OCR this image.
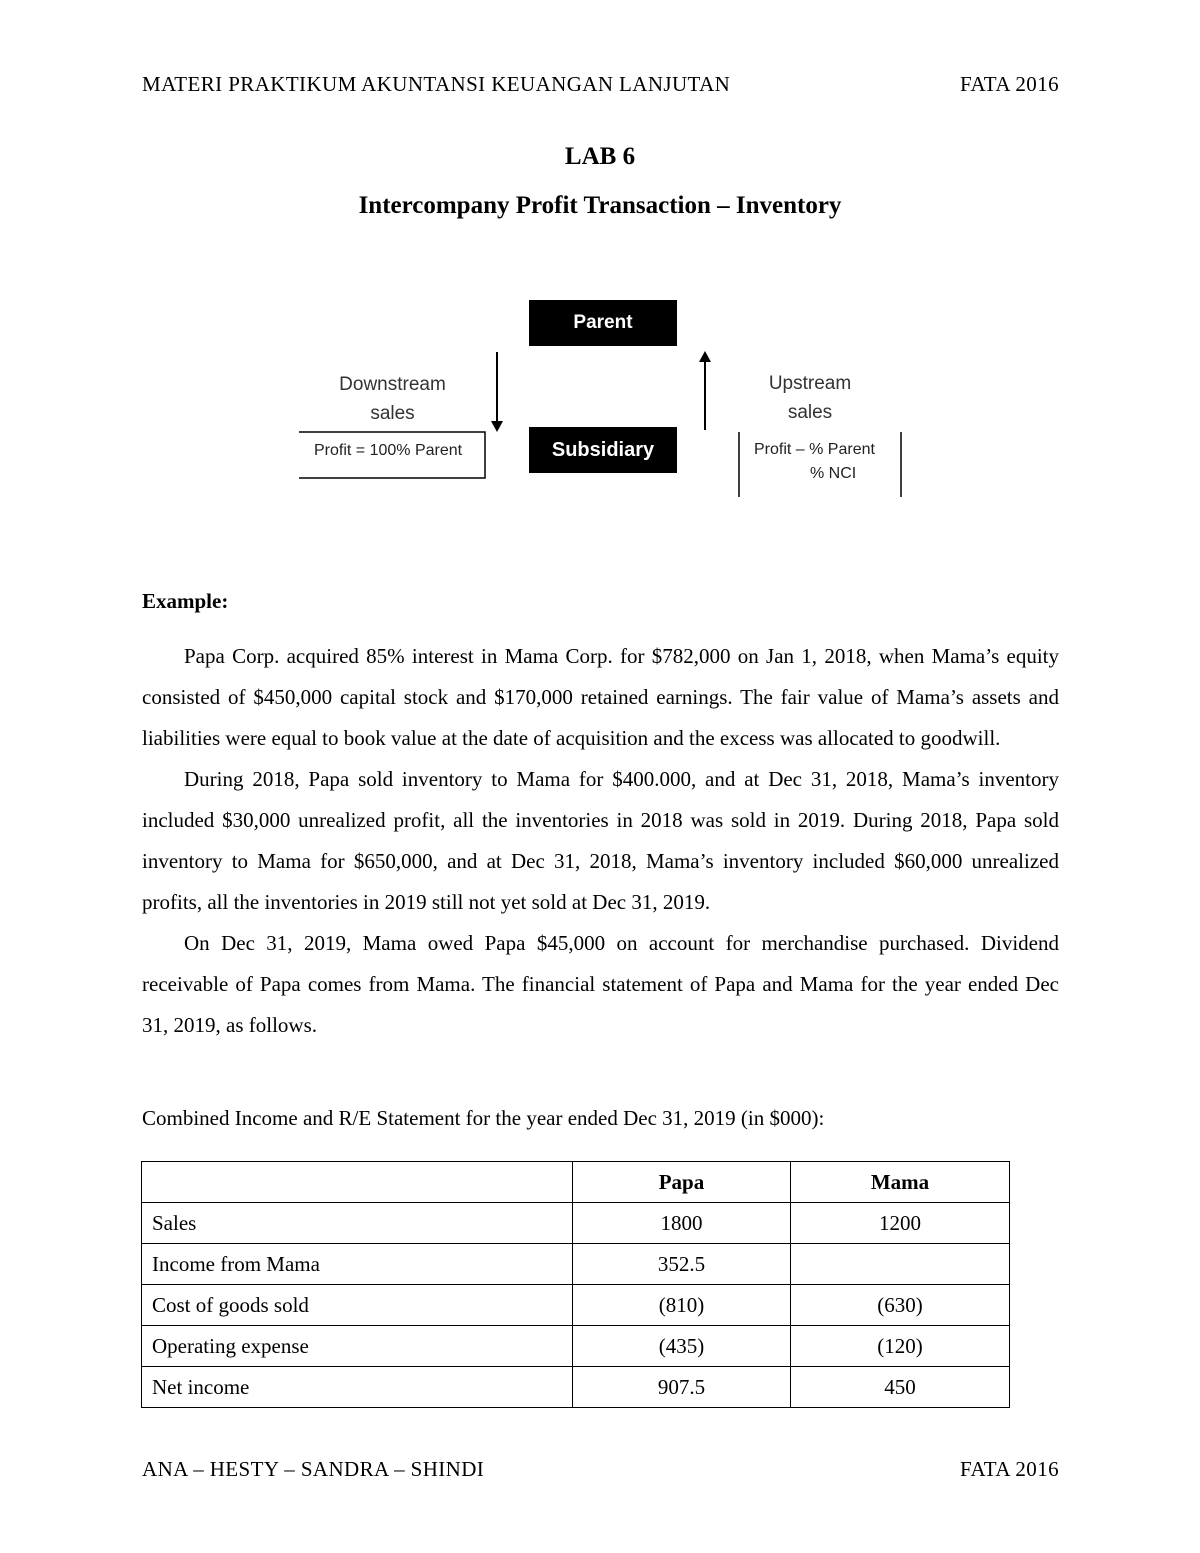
MATERI PRAKTIKUM AKUNTANSI KEUANGAN LANJUTAN	FATA 2016
LAB 6
Intercompany Profit Transaction – Inventory
Parent
Subsidiary
Downstream
sales
Upstream
sales
Profit = 100% Parent	Profit – % Parent
% NCI
Example:

Papa Corp. acquired 85% interest in Mama Corp. for $782,000 on Jan 1, 2018, when Mama’s equity consisted of $450,000 capital stock and $170,000 retained earnings. The fair value of Mama’s assets and liabilities were equal to book value at the date of acquisition and the excess was allocated to goodwill.

During 2018, Papa sold inventory to Mama for $400.000, and at Dec 31, 2018, Mama’s inventory included $30,000 unrealized profit, all the inventories in 2018 was sold in 2019. During 2018, Papa sold inventory to Mama for $650,000, and at Dec 31, 2018, Mama’s inventory included $60,000 unrealized profits, all the inventories in 2019 still not yet sold at Dec 31, 2019.

On Dec 31, 2019, Mama owed Papa $45,000 on account for merchandise purchased. Dividend receivable of Papa comes from Mama. The financial statement of Papa and Mama for the year ended Dec 31, 2019, as follows.

Combined Income and R/E Statement for the year ended Dec 31, 2019 (in $000):
	Papa	Mama
Sales	1800	1200
Income from Mama	352.5	
Cost of goods sold	(810)	(630)
Operating expense	(435)	(120)
Net income	907.5	450
ANA – HESTY – SANDRA – SHINDI	FATA 2016
